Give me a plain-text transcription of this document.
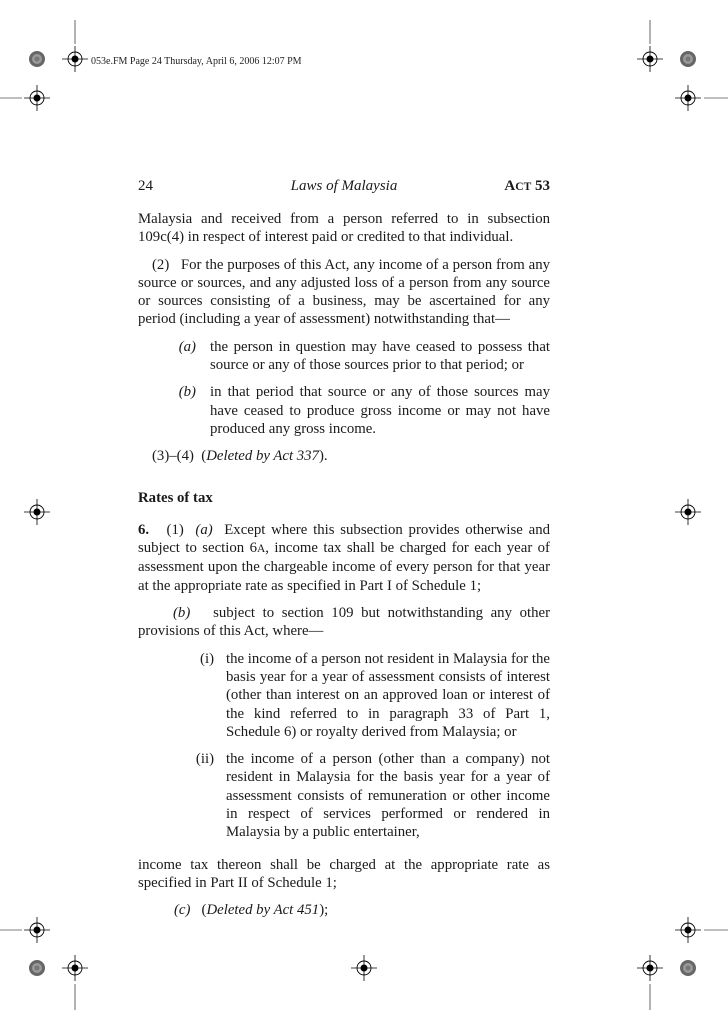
053e.FM Page 24 Thursday, April 6, 2006 12:07 PM
24	Laws of Malaysia	ACT 53

Malaysia and received from a person referred to in subsection 109c(4) in respect of interest paid or credited to that individual.

(2) For the purposes of this Act, any income of a person from any source or sources, and any adjusted loss of a person from any source or sources consisting of a business, may be ascertained for any period (including a year of assessment) notwithstanding that—

(a) the person in question may have ceased to possess that source or any of those sources prior to that period; or
(b) in that period that source or any of those sources may have ceased to produce gross income or may not have produced any gross income.

(3)–(4)  (Deleted by Act 337).

Rates of tax

6. (1) (a) Except where this subsection provides otherwise and subject to section 6A, income tax shall be charged for each year of assessment upon the chargeable income of every person for that year at the appropriate rate as specified in Part I of Schedule 1;

(b) subject to section 109 but notwithstanding any other provisions of this Act, where—

(i) the income of a person not resident in Malaysia for the basis year for a year of assessment consists of interest (other than interest on an approved loan or interest of the kind referred to in paragraph 33 of Part 1, Schedule 6) or royalty derived from Malaysia; or
(ii) the income of a person (other than a company) not resident in Malaysia for the basis year for a year of assessment consists of remuneration or other income in respect of services performed or rendered in Malaysia by a public entertainer,

income tax thereon shall be charged at the appropriate rate as specified in Part II of Schedule 1;

(c)   (Deleted by Act 451);
